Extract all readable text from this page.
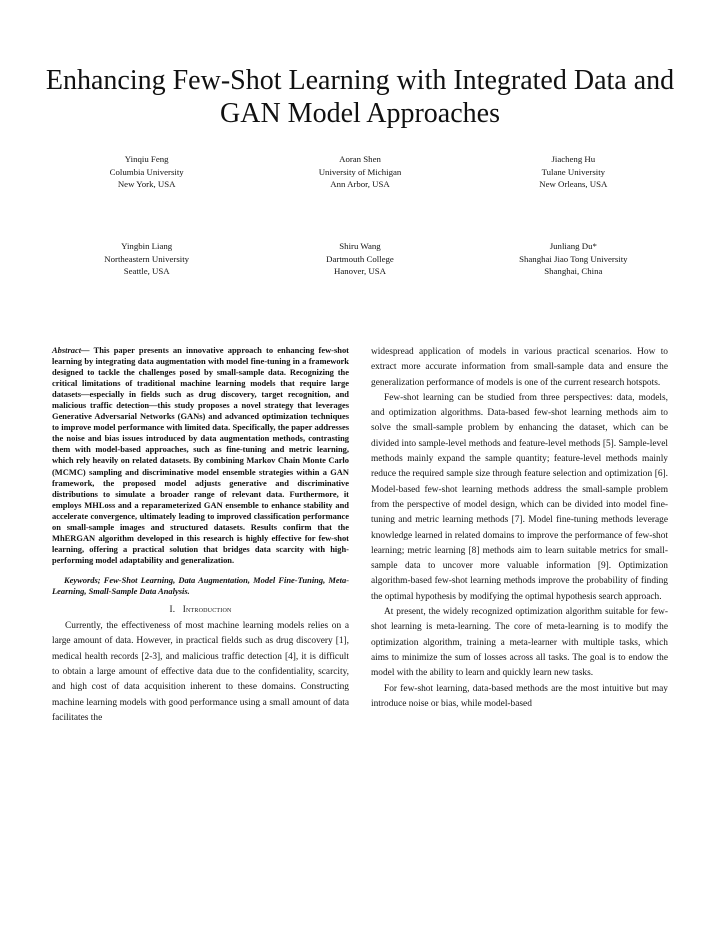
Enhancing Few-Shot Learning with Integrated Data and GAN Model Approaches
Yinqiu Feng
Columbia University
New York, USA
Aoran Shen
University of Michigan
Ann Arbor, USA
Jiacheng Hu
Tulane University
New Orleans, USA
Yingbin Liang
Northeastern University
Seattle, USA
Shiru Wang
Dartmouth College
Hanover, USA
Junliang Du*
Shanghai Jiao Tong University
Shanghai, China

Abstract— This paper presents an innovative approach to enhancing few-shot learning by integrating data augmentation with model fine-tuning in a framework designed to tackle the challenges posed by small-sample data. Recognizing the critical limitations of traditional machine learning models that require large datasets—especially in fields such as drug discovery, target recognition, and malicious traffic detection—this study proposes a novel strategy that leverages Generative Adversarial Networks (GANs) and advanced optimization techniques to improve model performance with limited data. Specifically, the paper addresses the noise and bias issues introduced by data augmentation methods, contrasting them with model-based approaches, such as fine-tuning and metric learning, which rely heavily on related datasets. By combining Markov Chain Monte Carlo (MCMC) sampling and discriminative model ensemble strategies within a GAN framework, the proposed model adjusts generative and discriminative distributions to simulate a broader range of relevant data. Furthermore, it employs MHLoss and a reparameterized GAN ensemble to enhance stability and accelerate convergence, ultimately leading to improved classification performance on small-sample images and structured datasets. Results confirm that the MhERGAN algorithm developed in this research is highly effective for few-shot learning, offering a practical solution that bridges data scarcity with high-performing model adaptability and generalization.

Keywords; Few-Shot Learning, Data Augmentation, Model Fine-Tuning, Meta-Learning, Small-Sample Data Analysis.

I. Introduction

Currently, the effectiveness of most machine learning models relies on a large amount of data. However, in practical fields such as drug discovery [1], medical health records [2-3], and malicious traffic detection [4], it is difficult to obtain a large amount of effective data due to the confidentiality, scarcity, and high cost of data acquisition inherent to these domains. Constructing machine learning models with good performance using a small amount of data facilitates the

widespread application of models in various practical scenarios. How to extract more accurate information from small-sample data and ensure the generalization performance of models is one of the current research hotspots.

Few-shot learning can be studied from three perspectives: data, models, and optimization algorithms. Data-based few-shot learning methods aim to solve the small-sample problem by enhancing the dataset, which can be divided into sample-level methods and feature-level methods [5]. Sample-level methods mainly expand the sample quantity; feature-level methods mainly reduce the required sample size through feature selection and optimization [6]. Model-based few-shot learning methods address the small-sample problem from the perspective of model design, which can be divided into model fine-tuning and metric learning methods [7]. Model fine-tuning methods leverage knowledge learned in related domains to improve the performance of few-shot learning; metric learning [8] methods aim to learn suitable metrics for small-sample data to uncover more valuable information [9]. Optimization algorithm-based few-shot learning methods improve the probability of finding the optimal hypothesis by modifying the optimal hypothesis search approach.

At present, the widely recognized optimization algorithm suitable for few-shot learning is meta-learning. The core of meta-learning is to modify the optimization algorithm, training a meta-learner with multiple tasks, which aims to minimize the sum of losses across all tasks. The goal is to endow the model with the ability to learn and quickly learn new tasks.

For few-shot learning, data-based methods are the most intuitive but may introduce noise or bias, while model-based
